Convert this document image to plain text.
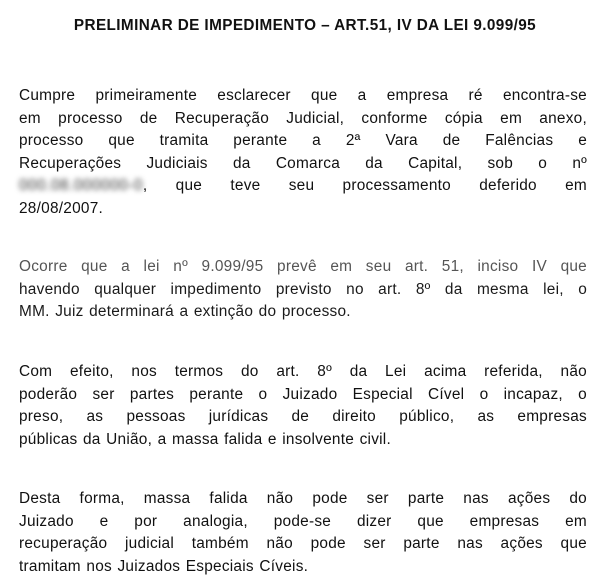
PRELIMINAR DE IMPEDIMENTO – ART.51, IV DA LEI 9.099/95
Cumpre primeiramente esclarecer que a empresa ré encontra-se
em processo de Recuperação Judicial, conforme cópia em anexo,
processo que tramita perante a 2ª Vara de Falências e
Recuperações Judiciais da Comarca da Capital, sob o nº
000.08.000000-0, que teve seu processamento deferido em
28/08/2007.
Ocorre que a lei nº 9.099/95 prevê em seu art. 51, inciso IV que
havendo qualquer impedimento previsto no art. 8º da mesma lei, o
MM. Juiz determinará a extinção do processo.
Com efeito, nos termos do art. 8º da Lei acima referida, não
poderão ser partes perante o Juizado Especial Cível o incapaz, o
preso, as pessoas jurídicas de direito público, as empresas
públicas da União, a massa falida e insolvente civil.
Desta forma, massa falida não pode ser parte nas ações do
Juizado e por analogia, pode-se dizer que empresas em
recuperação judicial também não pode ser parte nas ações que
tramitam nos Juizados Especiais Cíveis.
